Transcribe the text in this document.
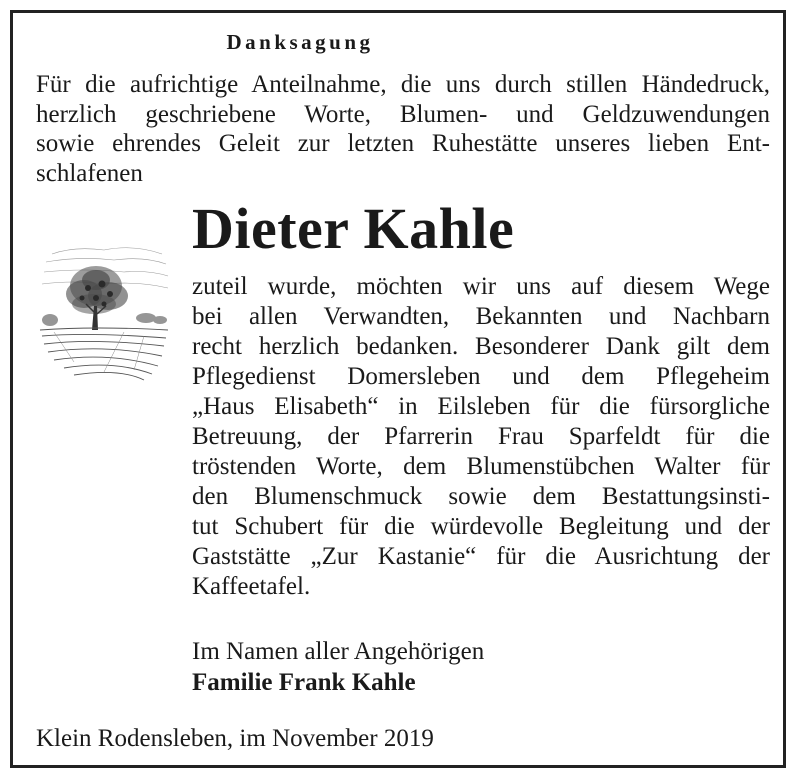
Danksagung
Für die aufrichtige Anteilnahme, die uns durch stillen Händedruck,
herzlich geschriebene Worte, Blumen- und Geldzuwendungen
sowie ehrendes Geleit zur letzten Ruhestätte unseres lieben Ent-
schlafenen
Dieter Kahle
zuteil wurde, möchten wir uns auf diesem Wege
bei allen Verwandten, Bekannten und Nachbarn
recht herzlich bedanken. Besonderer Dank gilt dem
Pflegedienst Domersleben und dem Pflegeheim
„Haus Elisabeth“ in Eilsleben für die fürsorgliche
Betreuung, der Pfarrerin Frau Sparfeldt für die
tröstenden Worte, dem Blumenstübchen Walter für
den Blumenschmuck sowie dem Bestattungsinsti-
tut Schubert für die würdevolle Begleitung und der
Gaststätte „Zur Kastanie“ für die Ausrichtung der
Kaffeetafel.
Im Namen aller Angehörigen
Familie Frank Kahle
Klein Rodensleben, im November 2019
